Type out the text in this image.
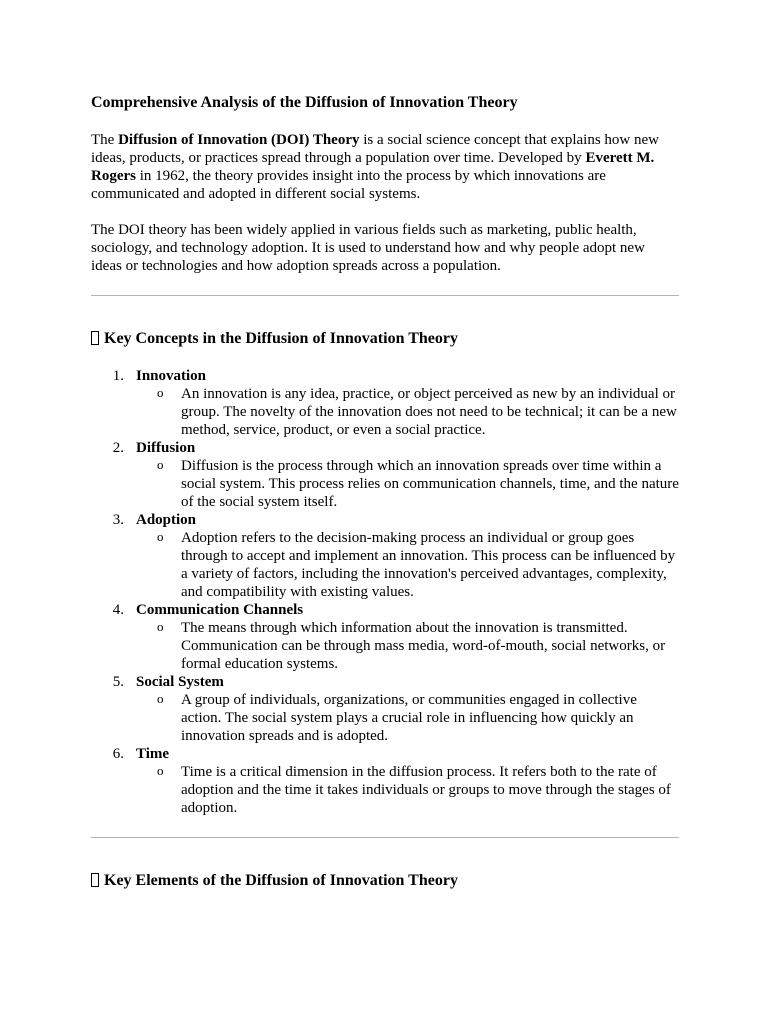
Comprehensive Analysis of the Diffusion of Innovation Theory

The Diffusion of Innovation (DOI) Theory is a social science concept that explains how new ideas, products, or practices spread through a population over time. Developed by Everett M. Rogers in 1962, the theory provides insight into the process by which innovations are communicated and adopted in different social systems.

The DOI theory has been widely applied in various fields such as marketing, public health, sociology, and technology adoption. It is used to understand how and why people adopt new ideas or technologies and how adoption spreads across a population.

Key Concepts in the Diffusion of Innovation Theory
1. Innovation

o An innovation is any idea, practice, or object perceived as new by an individual or group. The novelty of the innovation does not need to be technical; it can be a new method, service, product, or even a social practice.

2. Diffusion

o Diffusion is the process through which an innovation spreads over time within a social system. This process relies on communication channels, time, and the nature of the social system itself.

3. Adoption

o Adoption refers to the decision-making process an individual or group goes through to accept and implement an innovation. This process can be influenced by a variety of factors, including the innovation's perceived advantages, complexity, and compatibility with existing values.

4. Communication Channels

o The means through which information about the innovation is transmitted. Communication can be through mass media, word-of-mouth, social networks, or formal education systems.

5. Social System

o A group of individuals, organizations, or communities engaged in collective action. The social system plays a crucial role in influencing how quickly an innovation spreads and is adopted.

6. Time

o Time is a critical dimension in the diffusion process. It refers both to the rate of adoption and the time it takes individuals or groups to move through the stages of adoption.

Key Elements of the Diffusion of Innovation Theory
